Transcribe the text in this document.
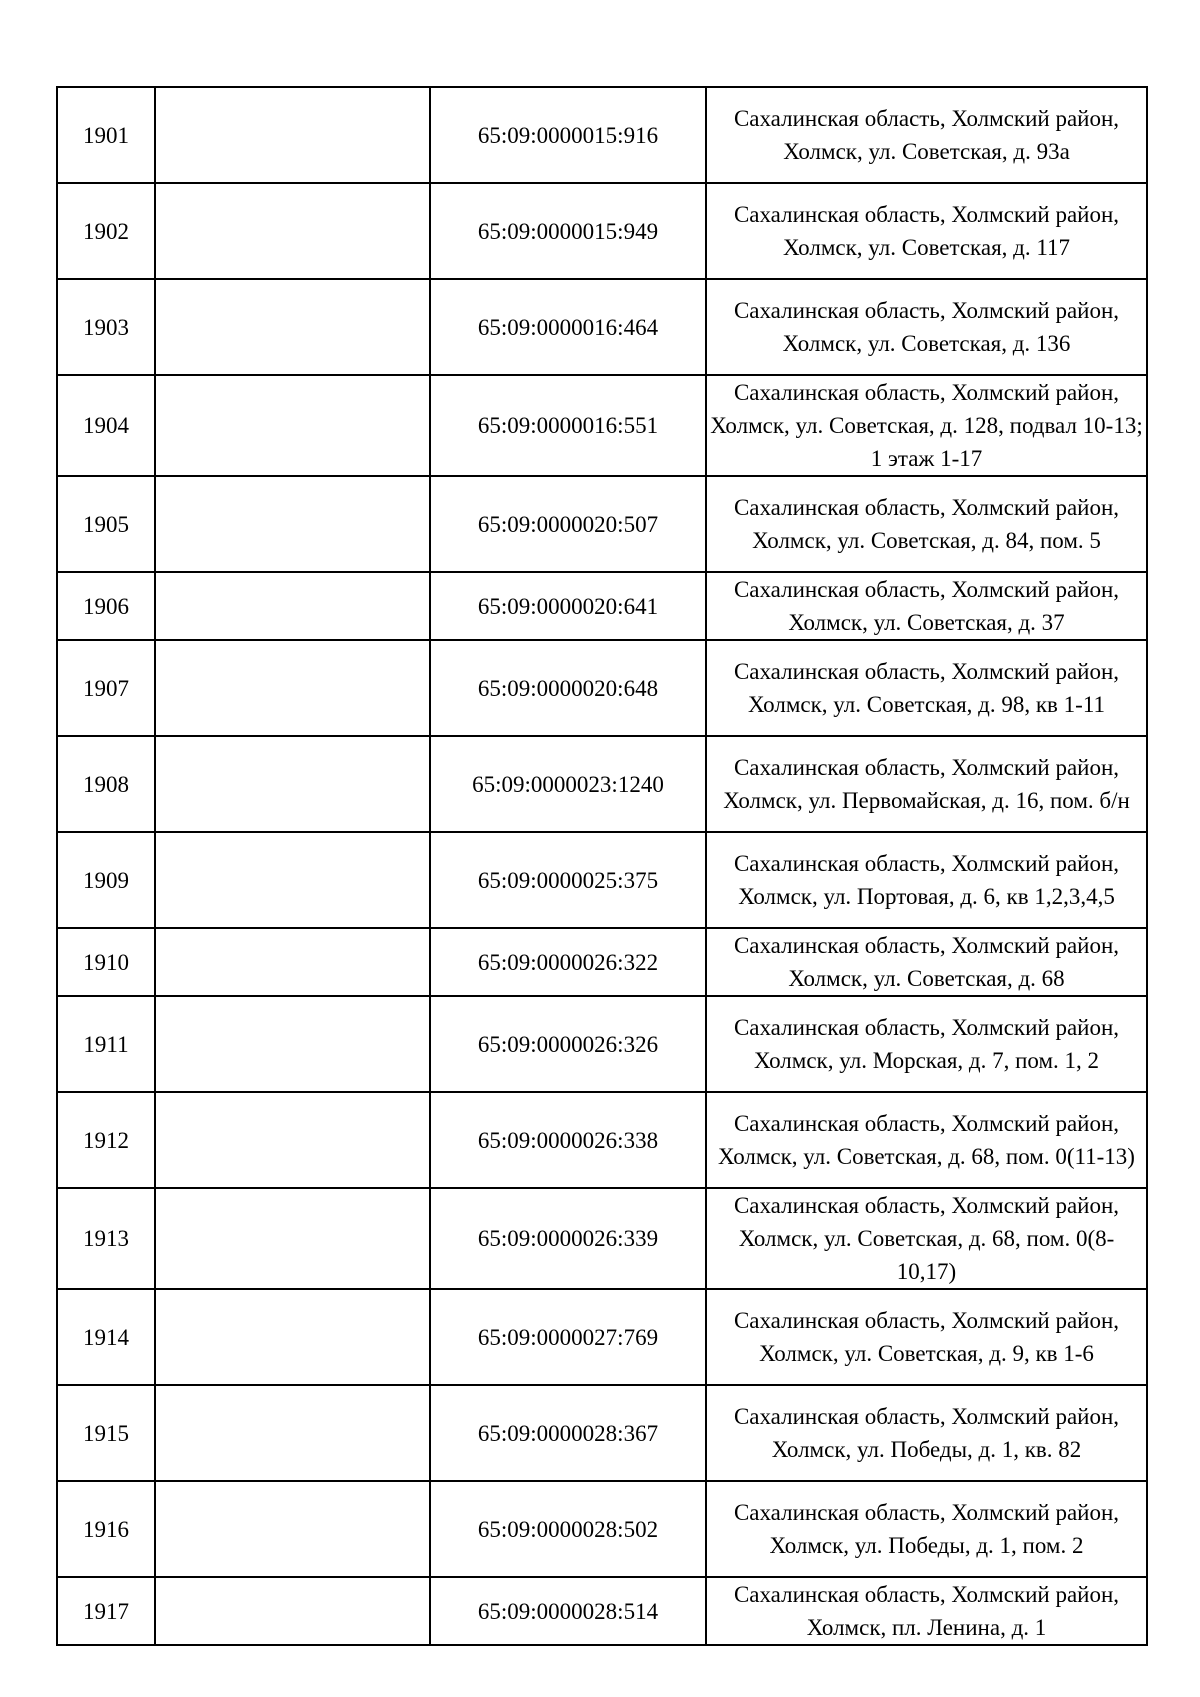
1901		65:09:0000015:916	Сахалинская область, Холмский район, Холмск, ул. Советская, д. 93а
1902		65:09:0000015:949	Сахалинская область, Холмский район, Холмск, ул. Советская, д. 117
1903		65:09:0000016:464	Сахалинская область, Холмский район, Холмск, ул. Советская, д. 136
1904		65:09:0000016:551	Сахалинская область, Холмский район, Холмск, ул. Советская, д. 128, подвал 10-13; 1 этаж 1-17
1905		65:09:0000020:507	Сахалинская область, Холмский район, Холмск, ул. Советская, д. 84, пом. 5
1906		65:09:0000020:641	Сахалинская область, Холмский район, Холмск, ул. Советская, д. 37
1907		65:09:0000020:648	Сахалинская область, Холмский район, Холмск, ул. Советская, д. 98, кв 1-11
1908		65:09:0000023:1240	Сахалинская область, Холмский район, Холмск, ул. Первомайская, д. 16, пом. б/н
1909		65:09:0000025:375	Сахалинская область, Холмский район, Холмск, ул. Портовая, д. 6, кв 1,2,3,4,5
1910		65:09:0000026:322	Сахалинская область, Холмский район, Холмск, ул. Советская, д. 68
1911		65:09:0000026:326	Сахалинская область, Холмский район, Холмск, ул. Морская, д. 7, пом. 1, 2
1912		65:09:0000026:338	Сахалинская область, Холмский район, Холмск, ул. Советская, д. 68, пом. 0(11-13)
1913		65:09:0000026:339	Сахалинская область, Холмский район, Холмск, ул. Советская, д. 68, пом. 0(8-10,17)
1914		65:09:0000027:769	Сахалинская область, Холмский район, Холмск, ул. Советская, д. 9, кв 1-6
1915		65:09:0000028:367	Сахалинская область, Холмский район, Холмск, ул. Победы, д. 1, кв. 82
1916		65:09:0000028:502	Сахалинская область, Холмский район, Холмск, ул. Победы, д. 1, пом. 2
1917		65:09:0000028:514	Сахалинская область, Холмский район, Холмск, пл. Ленина, д. 1
